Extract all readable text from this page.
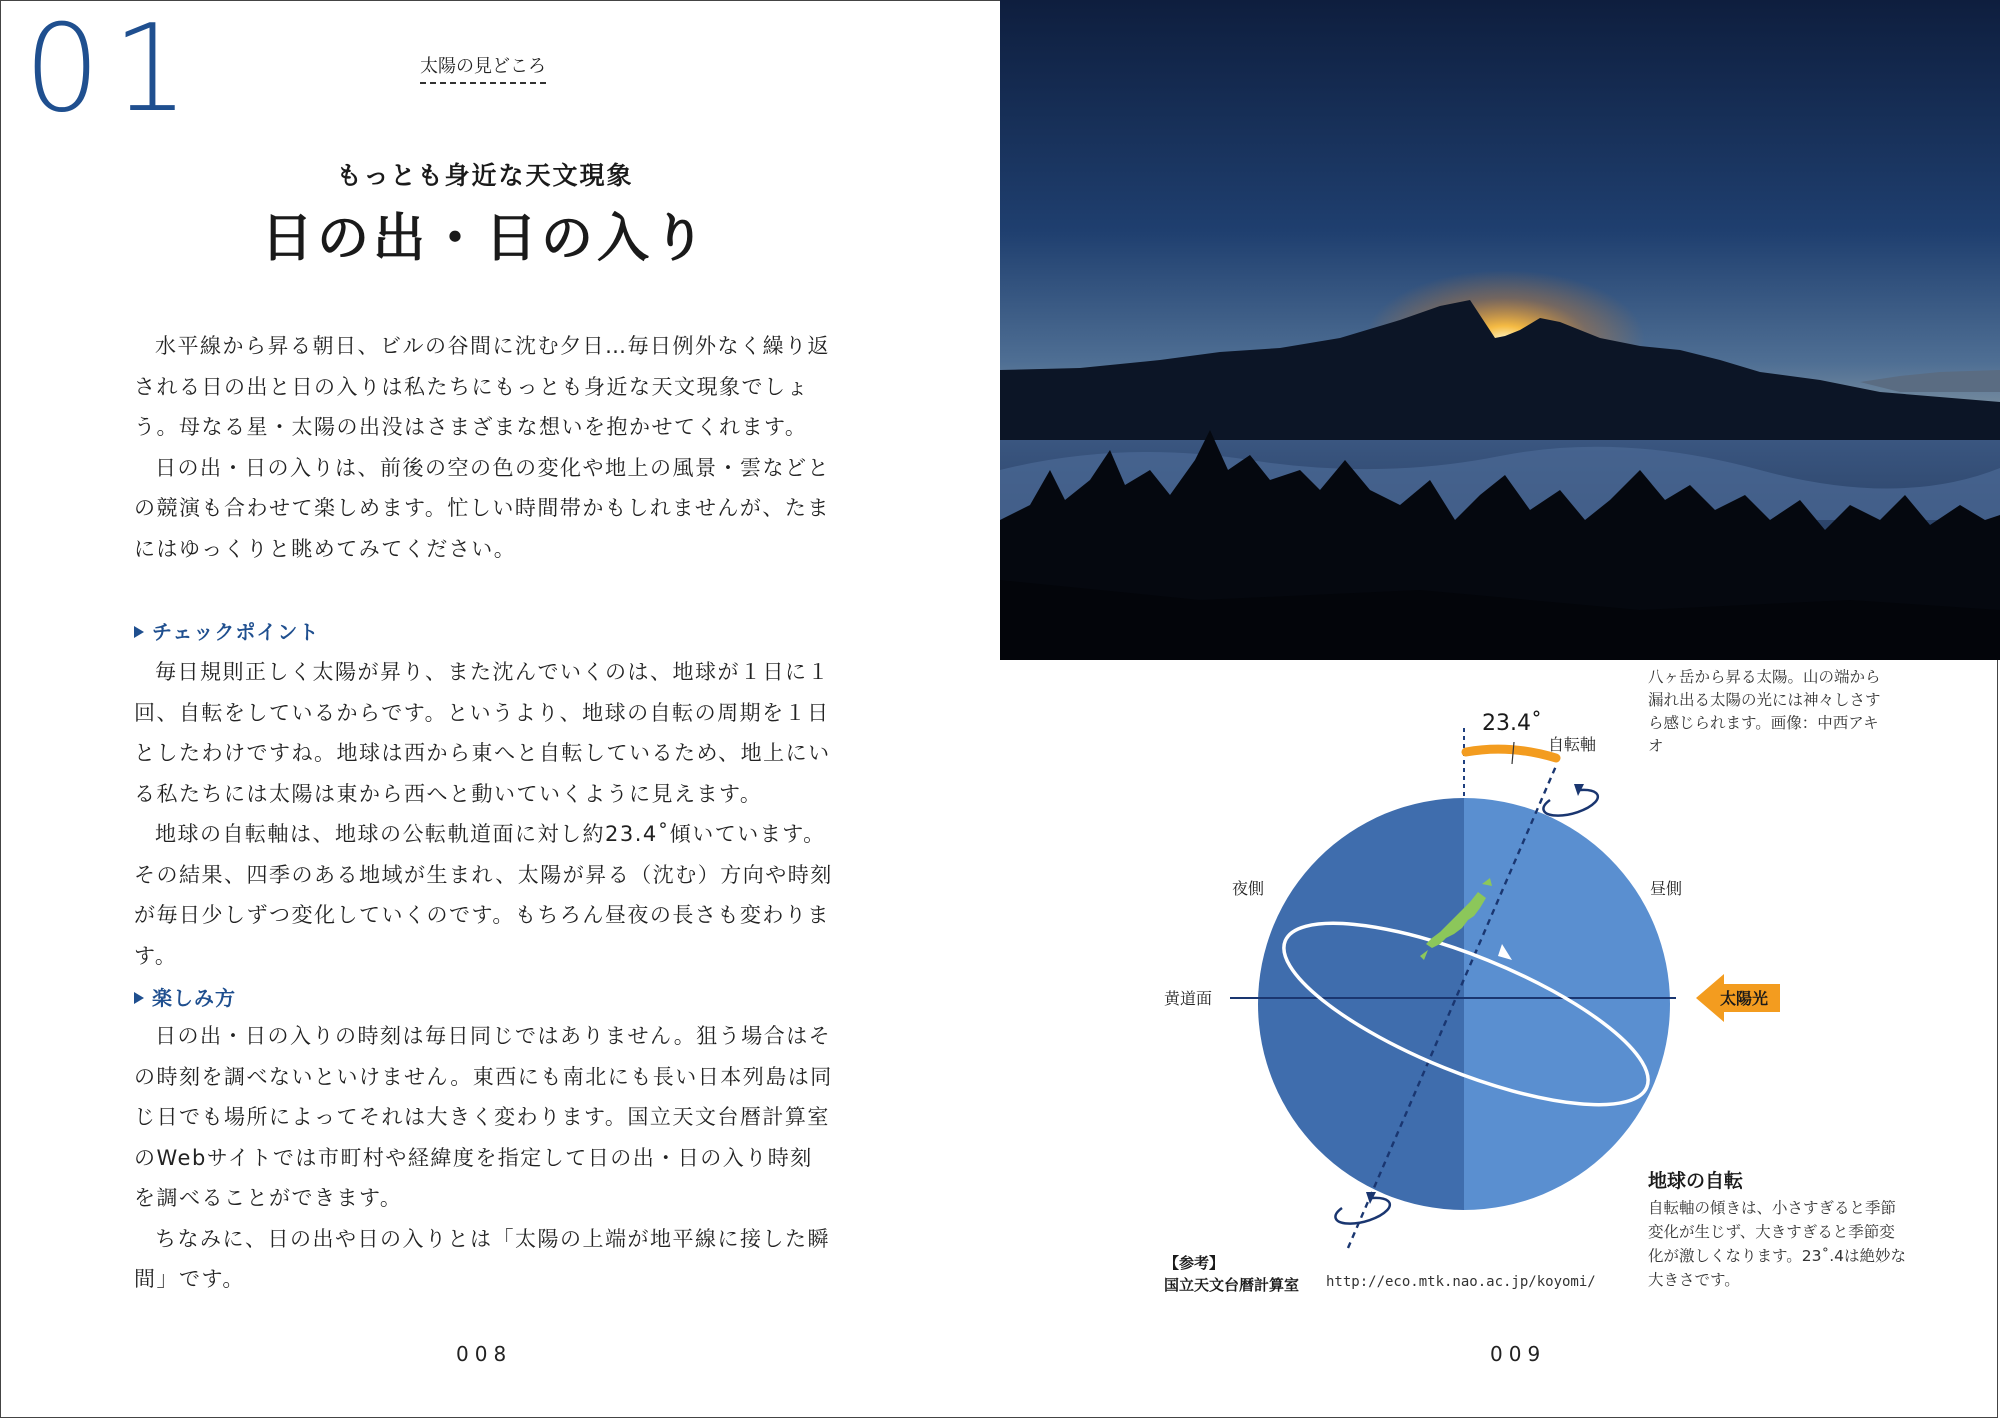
01	太陽の見どころ
もっとも身近な天文現象
日の出・日の入り

水平線から昇る朝日、ビルの谷間に沈む夕日…毎日例外なく繰り返される日の出と日の入りは私たちにもっとも身近な天文現象でしょう。母なる星・太陽の出没はさまざまな想いを抱かせてくれます。

日の出・日の入りは、前後の空の色の変化や地上の風景・雲などとの競演も合わせて楽しめます。忙しい時間帯かもしれませんが、たまにはゆっくりと眺めてみてください。

チェックポイント

毎日規則正しく太陽が昇り、また沈んでいくのは、地球が１日に１回、自転をしているからです。というより、地球の自転の周期を１日としたわけですね。地球は西から東へと自転しているため、地上にいる私たちには太陽は東から西へと動いていくように見えます。

地球の自転軸は、地球の公転軌道面に対し約23.4˚傾いています。その結果、四季のある地域が生まれ、太陽が昇る（沈む）方向や時刻が毎日少しずつ変化していくのです。もちろん昼夜の長さも変わります。

楽しみ方

日の出・日の入りの時刻は毎日同じではありません。狙う場合はその時刻を調べないといけません。東西にも南北にも長い日本列島は同じ日でも場所によってそれは大きく変わります。国立天文台暦計算室のWebサイトでは市町村や経緯度を指定して日の出・日の入り時刻を調べることができます。

ちなみに、日の出や日の入りとは「太陽の上端が地平線に接した瞬間」です。

008
八ヶ岳から昇る太陽。山の端から漏れ出る太陽の光には神々しさすら感じられます。画像：中西アキオ
23.4˚
自転軸
夜側	昼側
黄道面	太陽光
地球の自転
自転軸の傾きは、小さすぎると季節変化が生じず、大きすぎると季節変化が激しくなります。23˚.4は絶妙な大きさです。
【参考】
国立天文台暦計算室 http://eco.mtk.nao.ac.jp/koyomi/
009
